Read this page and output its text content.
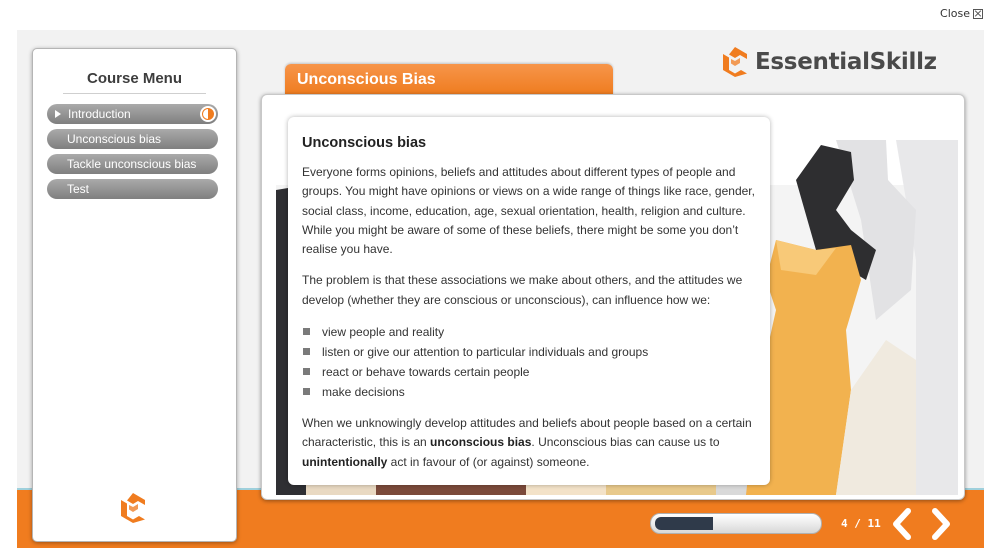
Close
EssentialSkillz
Course Menu
Introduction
Unconscious bias
Tackle unconscious bias
Test
Unconscious Bias
Unconscious bias

Everyone forms opinions, beliefs and attitudes about different types of people and groups. You might have opinions or views on a wide range of things like race, gender, social class, income, education, age, sexual orientation, health, religion and culture. While you might be aware of some of these beliefs, there might be some you don’t realise you have.

The problem is that these associations we make about others, and the attitudes we develop (whether they are conscious or unconscious), can influence how we:

view people and reality
listen or give our attention to particular individuals and groups
react or behave towards certain people
make decisions

When we unknowingly develop attitudes and beliefs about people based on a certain characteristic, this is an unconscious bias. Unconscious bias can cause us to unintentionally act in favour of (or against) someone.

4 / 11
